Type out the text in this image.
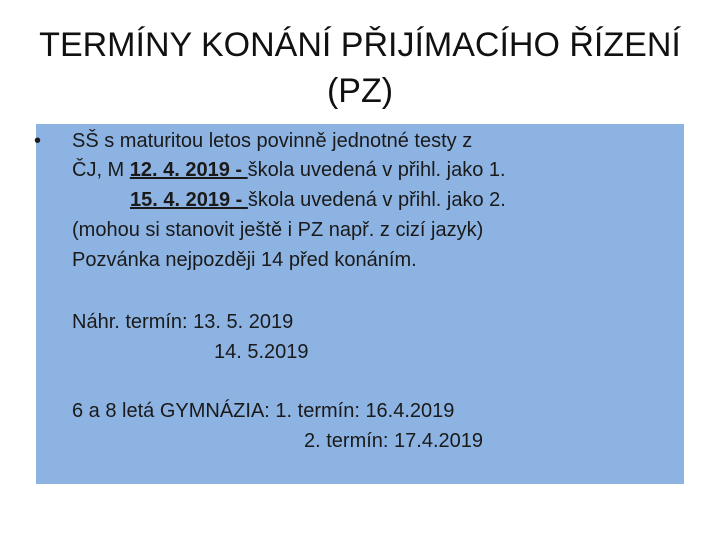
TERMÍNY KONÁNÍ PŘIJÍMACÍHO ŘÍZENÍ
(PZ)
• SŠ s maturitou letos povinně jednotné testy z
ČJ, M 12. 4. 2019 - škola uvedená v přihl. jako 1.
15. 4. 2019 - škola uvedená v přihl. jako 2.
(mohou si stanovit ještě i PZ např. z cizí jazyk)
Pozvánka nejpozději 14 před konáním.
Náhr. termín: 13. 5. 2019
14. 5.2019
6 a 8 letá GYMNÁZIA: 1. termín: 16.4.2019
2. termín: 17.4.2019
